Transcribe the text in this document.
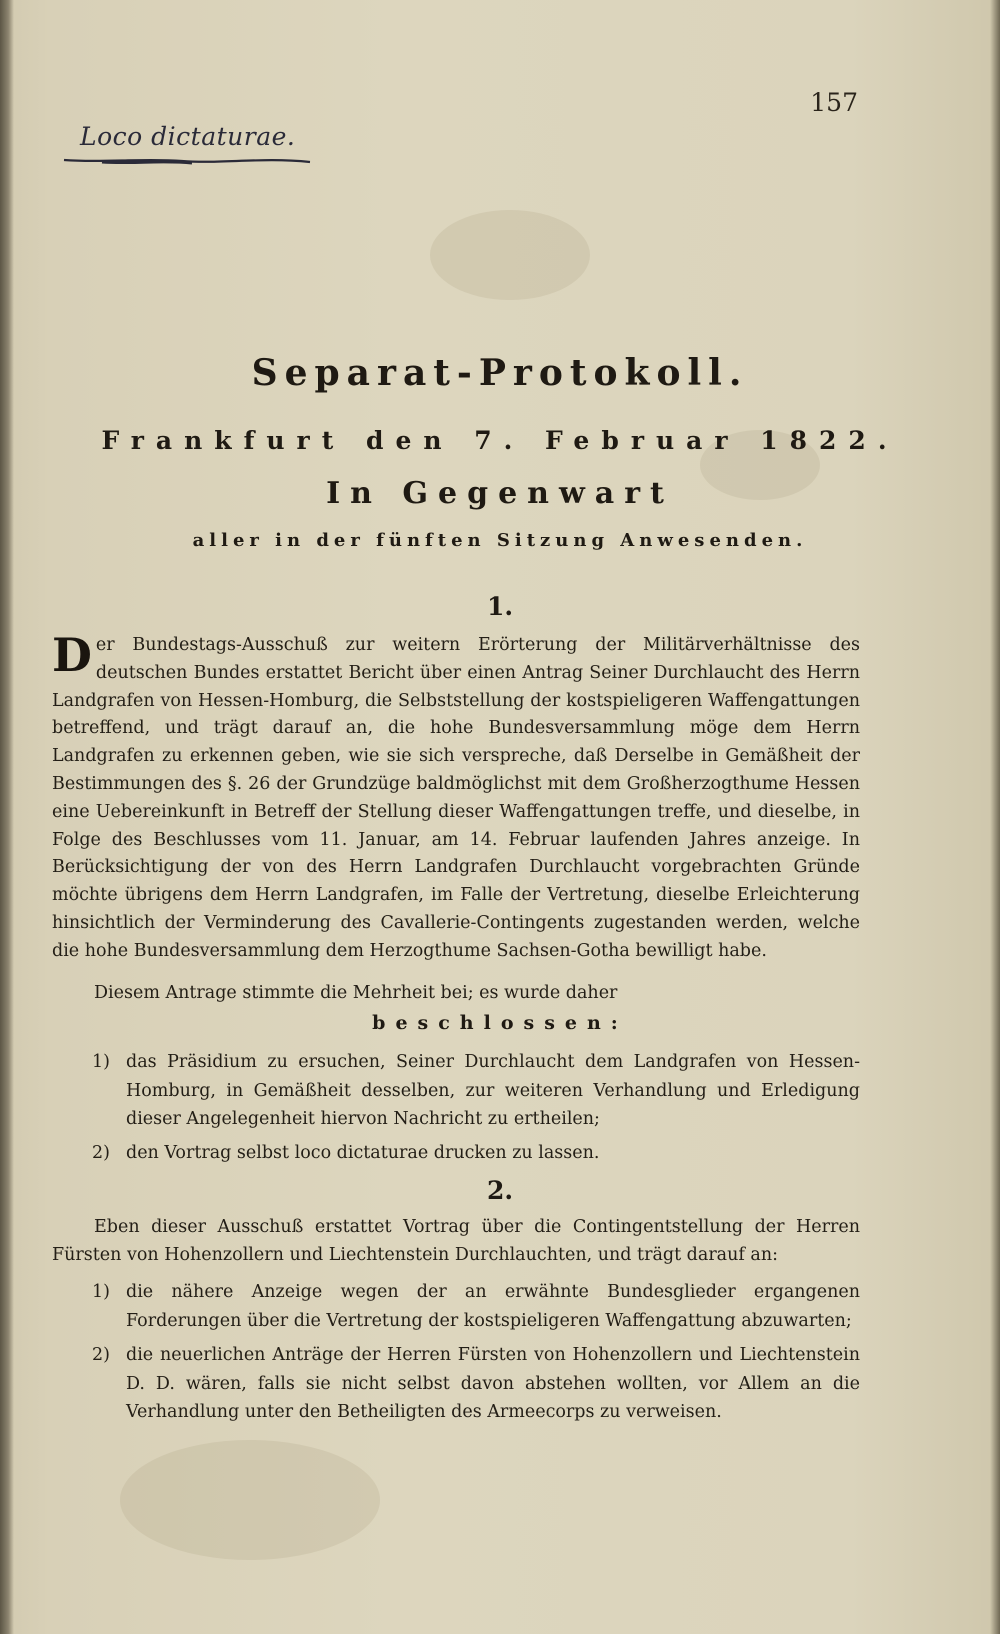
157
Loco dictaturae.
Separat-Protokoll.
Frankfurt den 7. Februar 1822.
In Gegenwart
aller in der fünften Sitzung Anwesenden.
1.
Der Bundestags-Ausschuß zur weitern Erörterung der Militärverhältnisse des deutschen Bundes erstattet Bericht über einen Antrag Seiner Durchlaucht des Herrn Landgrafen von Hessen-Homburg, die Selbststellung der kostspieligeren Waffengattungen betreffend, und trägt darauf an, die hohe Bundesversammlung möge dem Herrn Landgrafen zu erkennen geben, wie sie sich verspreche, daß Derselbe in Gemäßheit der Bestimmungen des §. 26 der Grundzüge baldmöglichst mit dem Großherzogthume Hessen eine Uebereinkunft in Betreff der Stellung dieser Waffengattungen treffe, und dieselbe, in Folge des Beschlusses vom 11. Januar, am 14. Februar laufenden Jahres anzeige. In Berücksichtigung der von des Herrn Landgrafen Durchlaucht vorgebrachten Gründe möchte übrigens dem Herrn Landgrafen, im Falle der Vertretung, dieselbe Erleichterung hinsichtlich der Verminderung des Cavallerie-Contingents zugestanden werden, welche die hohe Bundesversammlung dem Herzogthume Sachsen-Gotha bewilligt habe.
Diesem Antrage stimmte die Mehrheit bei; es wurde daher
beschlossen:
1) das Präsidium zu ersuchen, Seiner Durchlaucht dem Landgrafen von Hessen-Homburg, in Gemäßheit desselben, zur weiteren Verhandlung und Erledigung dieser Angelegenheit hiervon Nachricht zu ertheilen;
2) den Vortrag selbst loco dictaturae drucken zu lassen.
2.
Eben dieser Ausschuß erstattet Vortrag über die Contingentstellung der Herren Fürsten von Hohenzollern und Liechtenstein Durchlauchten, und trägt darauf an:
1) die nähere Anzeige wegen der an erwähnte Bundesglieder ergangenen Forderungen über die Vertretung der kostspieligeren Waffengattung abzuwarten;
2) die neuerlichen Anträge der Herren Fürsten von Hohenzollern und Liechtenstein D. D. wären, falls sie nicht selbst davon abstehen wollten, vor Allem an die Verhandlung unter den Betheiligten des Armeecorps zu verweisen.
